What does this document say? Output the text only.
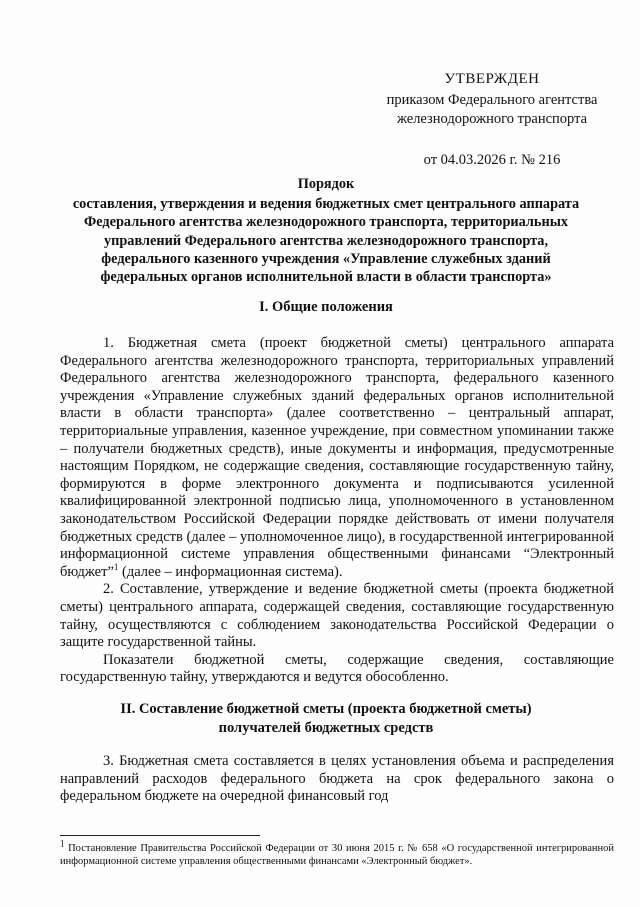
УТВЕРЖДЕН
приказом Федерального агентства
железнодорожного транспорта
от 04.03.2026 г. № 216
Порядок
составления, утверждения и ведения бюджетных смет центрального аппарата Федерального агентства железнодорожного транспорта, территориальных управлений Федерального агентства железнодорожного транспорта, федерального казенного учреждения «Управление служебных зданий федеральных органов исполнительной власти в области транспорта»
I. Общие положения

1. Бюджетная смета (проект бюджетной сметы) центрального аппарата Федерального агентства железнодорожного транспорта, территориальных управлений Федерального агентства железнодорожного транспорта, федерального казенного учреждения «Управление служебных зданий федеральных органов исполнительной власти в области транспорта» (далее соответственно – центральный аппарат, территориальные управления, казенное учреждение, при совместном упоминании также – получатели бюджетных средств), иные документы и информация, предусмотренные настоящим Порядком, не содержащие сведения, составляющие государственную тайну, формируются в форме электронного документа и подписываются усиленной квалифицированной электронной подписью лица, уполномоченного в установленном законодательством Российской Федерации порядке действовать от имени получателя бюджетных средств (далее – уполномоченное лицо), в государственной интегрированной информационной системе управления общественными финансами “Электронный бюджет”$^1$ (далее – информационная система).

2. Составление, утверждение и ведение бюджетной сметы (проекта бюджетной сметы) центрального аппарата, содержащей сведения, составляющие государственную тайну, осуществляются с соблюдением законодательства Российской Федерации о защите государственной тайны.

Показатели бюджетной сметы, содержащие сведения, составляющие государственную тайну, утверждаются и ведутся обособленно.

II. Составление бюджетной сметы (проекта бюджетной сметы)
получателей бюджетных средств

3. Бюджетная смета составляется в целях установления объема и распределения направлений расходов федерального бюджета на срок федерального закона о федеральном бюджете на очередной финансовый год

$^1$ Постановление Правительства Российской Федерации от 30 июня 2015 г. № 658 «О государственной интегрированной информационной системе управления общественными финансами «Электронный бюджет».
